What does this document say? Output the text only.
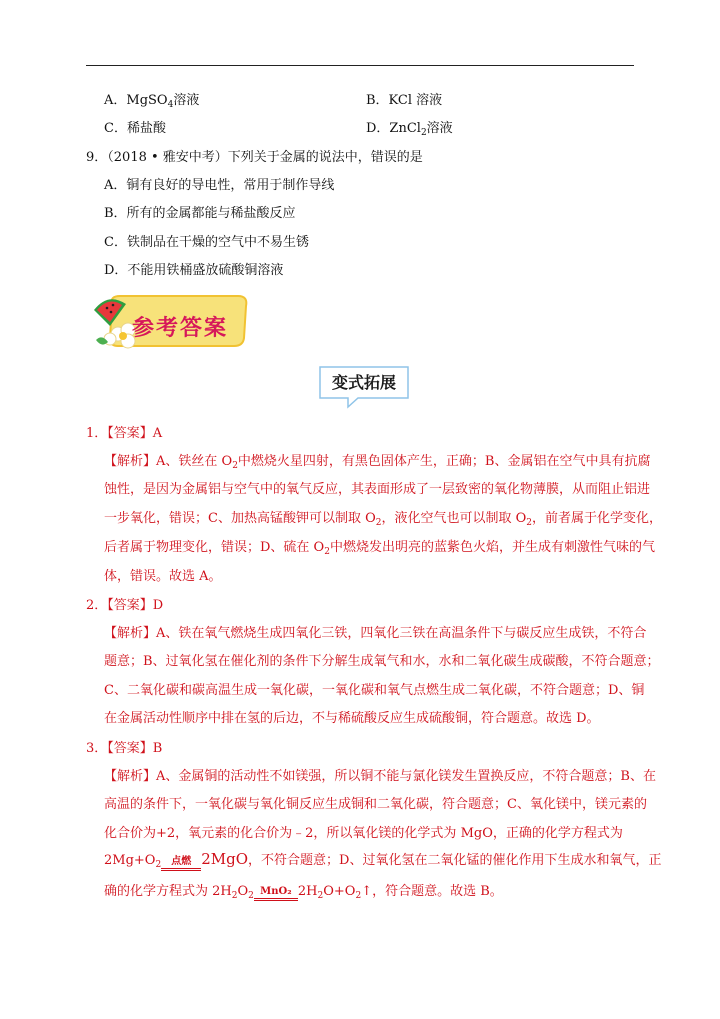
A．MgSO$_4$溶液	B．KCl 溶液
C．稀盐酸	D．ZnCl$_2$溶液
9．（2018 • 雅安中考）下列关于金属的说法中，错误的是
A．铜有良好的导电性，常用于制作导线
B．所有的金属都能与稀盐酸反应
C．铁制品在干燥的空气中不易生锈
D．不能用铁桶盛放硫酸铜溶液
参考答案
变式拓展
1．【答案】A
【解析】A、铁丝在 $O_2$中燃烧火星四射，有黑色固体产生，正确；B、金属铝在空气中具有抗腐
蚀性，是因为金属铝与空气中的氧气反应，其表面形成了一层致密的氧化物薄膜，从而阻止铝进
一步氧化，错误；C、加热高锰酸钾可以制取 $O_2$，液化空气也可以制取 $O_2$，前者属于化学变化，
后者属于物理变化，错误；D、硫在 $O_2$中燃烧发出明亮的蓝紫色火焰，并生成有刺激性气味的气
体，错误。故选 A。
2．【答案】D
【解析】A、铁在氧气燃烧生成四氧化三铁，四氧化三铁在高温条件下与碳反应生成铁，不符合
题意；B、过氧化氢在催化剂的条件下分解生成氧气和水，水和二氧化碳生成碳酸，不符合题意；
C、二氧化碳和碳高温生成一氧化碳，一氧化碳和氧气点燃生成二氧化碳，不符合题意；D、铜
在金属活动性顺序中排在氢的后边，不与稀硫酸反应生成硫酸铜，符合题意。故选 D。
3．【答案】B
【解析】A、金属铜的活动性不如镁强，所以铜不能与氯化镁发生置换反应，不符合题意；B、在
高温的条件下，一氧化碳与氧化铜反应生成铜和二氧化碳，符合题意；C、氧化镁中，镁元素的
化合价为+2，氧元素的化合价为﹣2，所以氧化镁的化学式为 MgO，正确的化学方程式为
$2Mg+O_2$	点燃 2MgO，不符合题意；D、过氧化氢在二氧化锰的催化作用下生成水和氧气，正
确的化学方程式为 $2H_2O_2$ MnO₂ $2H_2O+O_2↑$，符合题意。故选 B。
